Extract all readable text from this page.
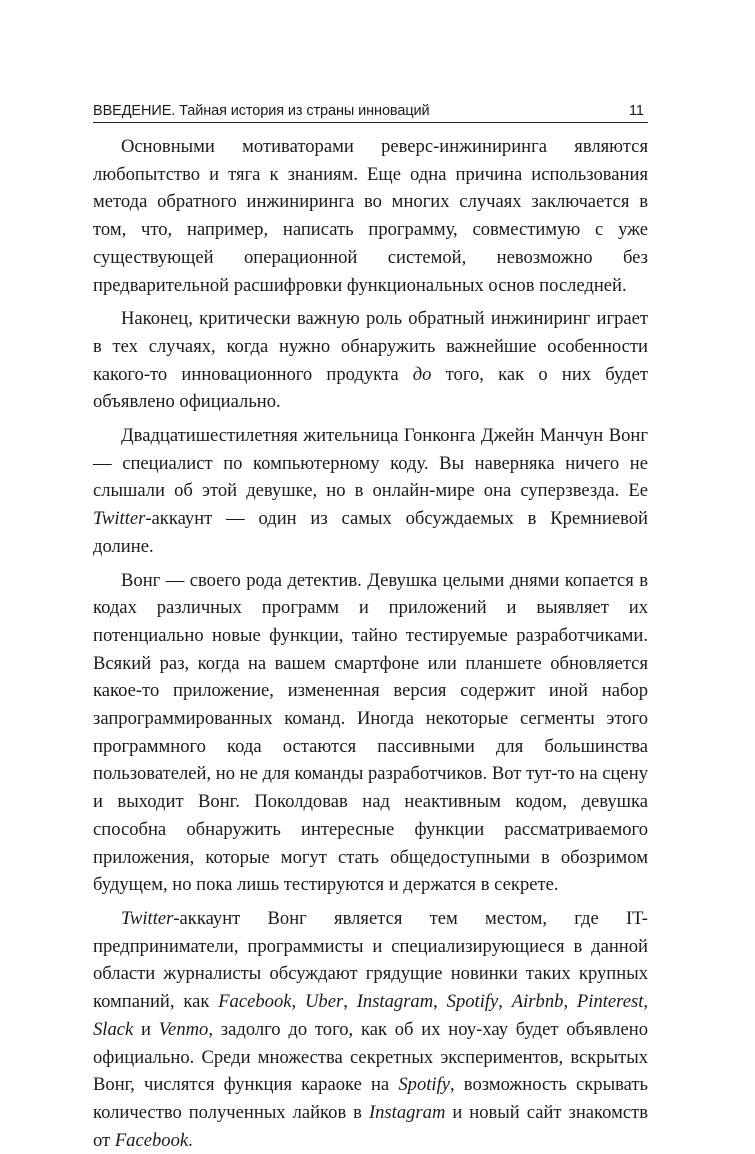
ВВЕДЕНИЕ. Тайная история из страны инноваций	11

Основными мотиваторами реверс-инжиниринга являются любопытство и тяга к знаниям. Еще одна причина использования метода обратного инжиниринга во многих случаях заключается в том, что, например, написать программу, совместимую с уже существующей операционной системой, невозможно без предварительной расшифровки функциональных основ последней.

Наконец, критически важную роль обратный инжиниринг играет в тех случаях, когда нужно обнаружить важнейшие особенности какого-то инновационного продукта до того, как о них будет объявлено официально.

Двадцатишестилетняя жительница Гонконга Джейн Манчун Вонг — специалист по компьютерному коду. Вы наверняка ничего не слышали об этой девушке, но в онлайн-мире она суперзвезда. Ее Twitter-аккаунт — один из самых обсуждаемых в Кремниевой долине.

Вонг — своего рода детектив. Девушка целыми днями копается в кодах различных программ и приложений и выявляет их потенциально новые функции, тайно тестируемые разработчиками. Всякий раз, когда на вашем смартфоне или планшете обновляется какое-то приложение, измененная версия содержит иной набор запрограммированных команд. Иногда некоторые сегменты этого программного кода остаются пассивными для большинства пользователей, но не для команды разработчиков. Вот тут-то на сцену и выходит Вонг. Поколдовав над неактивным кодом, девушка способна обнаружить интересные функции рассматриваемого приложения, которые могут стать общедоступными в обозримом будущем, но пока лишь тестируются и держатся в секрете.

Twitter-аккаунт Вонг является тем местом, где IT-предприниматели, программисты и специализирующиеся в данной области журналисты обсуждают грядущие новинки таких крупных компаний, как Facebook, Uber, Instagram, Spotify, Airbnb, Pinterest, Slack и Venmo, задолго до того, как об их ноу-хау будет объявлено официально. Среди множества секретных экспериментов, вскрытых Вонг, числятся функция караоке на Spotify, возможность скрывать количество полученных лайков в Instagram и новый сайт знакомств от Facebook.
